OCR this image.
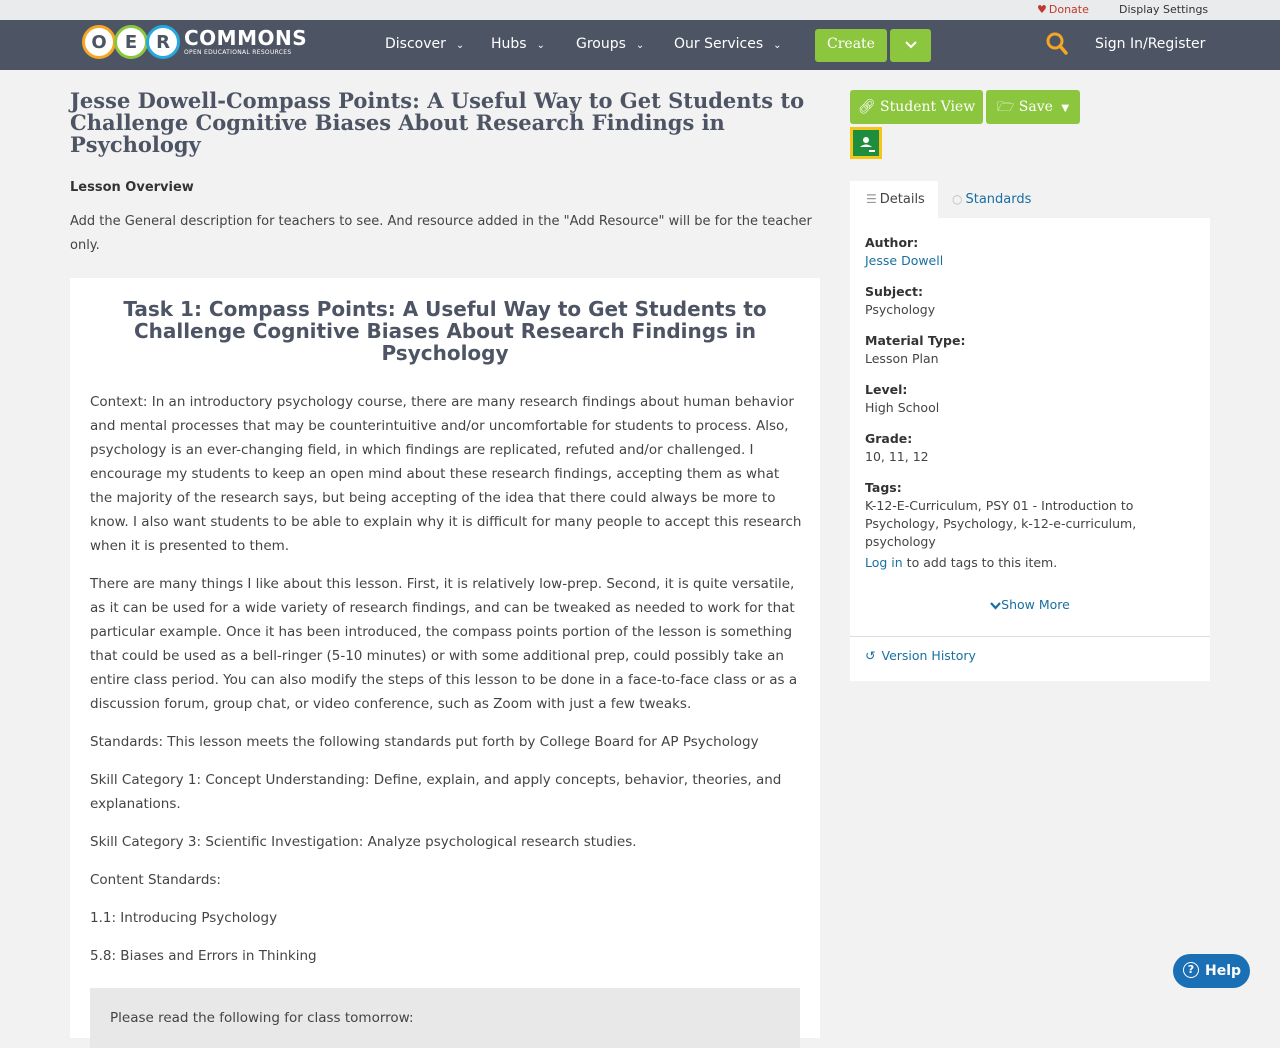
♥ Donate	Display Settings
O	E	R COMMONS
OPEN EDUCATIONAL RESOURCES
Discover ⌄ Hubs ⌄ Groups ⌄ Our Services ⌄	Create	Sign In/Register
Jesse Dowell-Compass Points: A Useful Way to Get Students to Challenge Cognitive Biases About Research Findings in Psychology
Lesson Overview
Add the General description for teachers to see. And resource added in the "Add Resource" will be for the teacher only.
Task 1: Compass Points: A Useful Way to Get Students to Challenge Cognitive Biases About Research Findings in Psychology

Context: In an introductory psychology course, there are many research findings about human behavior and mental processes that may be counterintuitive and/or uncomfortable for students to process. Also, psychology is an ever-changing field, in which findings are replicated, refuted and/or challenged. I encourage my students to keep an open mind about these research findings, accepting them as what the majority of the research says, but being accepting of the idea that there could always be more to know. I also want students to be able to explain why it is difficult for many people to accept this research when it is presented to them.

There are many things I like about this lesson. First, it is relatively low-prep. Second, it is quite versatile, as it can be used for a wide variety of research findings, and can be tweaked as needed to work for that particular example. Once it has been introduced, the compass points portion of the lesson is something that could be used as a bell-ringer (5-10 minutes) or with some additional prep, could possibly take an entire class period. You can also modify the steps of this lesson to be done in a face-to-face class or as a discussion forum, group chat, or video conference, such as Zoom with just a few tweaks.

Standards: This lesson meets the following standards put forth by College Board for AP Psychology

Skill Category 1: Concept Understanding: Define, explain, and apply concepts, behavior, theories, and explanations.

Skill Category 3: Scientific Investigation: Analyze psychological research studies.

Content Standards:

1.1: Introducing Psychology

5.8: Biases and Errors in Thinking

Please read the following for class tomorrow:
🔗︎ Student View	🗁 Save ▼
☰ Details	○ Standards
Author:
Jesse Dowell
Subject:
Psychology
Material Type:
Lesson Plan
Level:
High School
Grade:
10, 11, 12
Tags:
K-12-E-Curriculum, PSY 01 - Introduction to Psychology, Psychology, k-12-e-curriculum, psychology
Log in to add tags to this item.
Show More
↺ Version History
? Help
